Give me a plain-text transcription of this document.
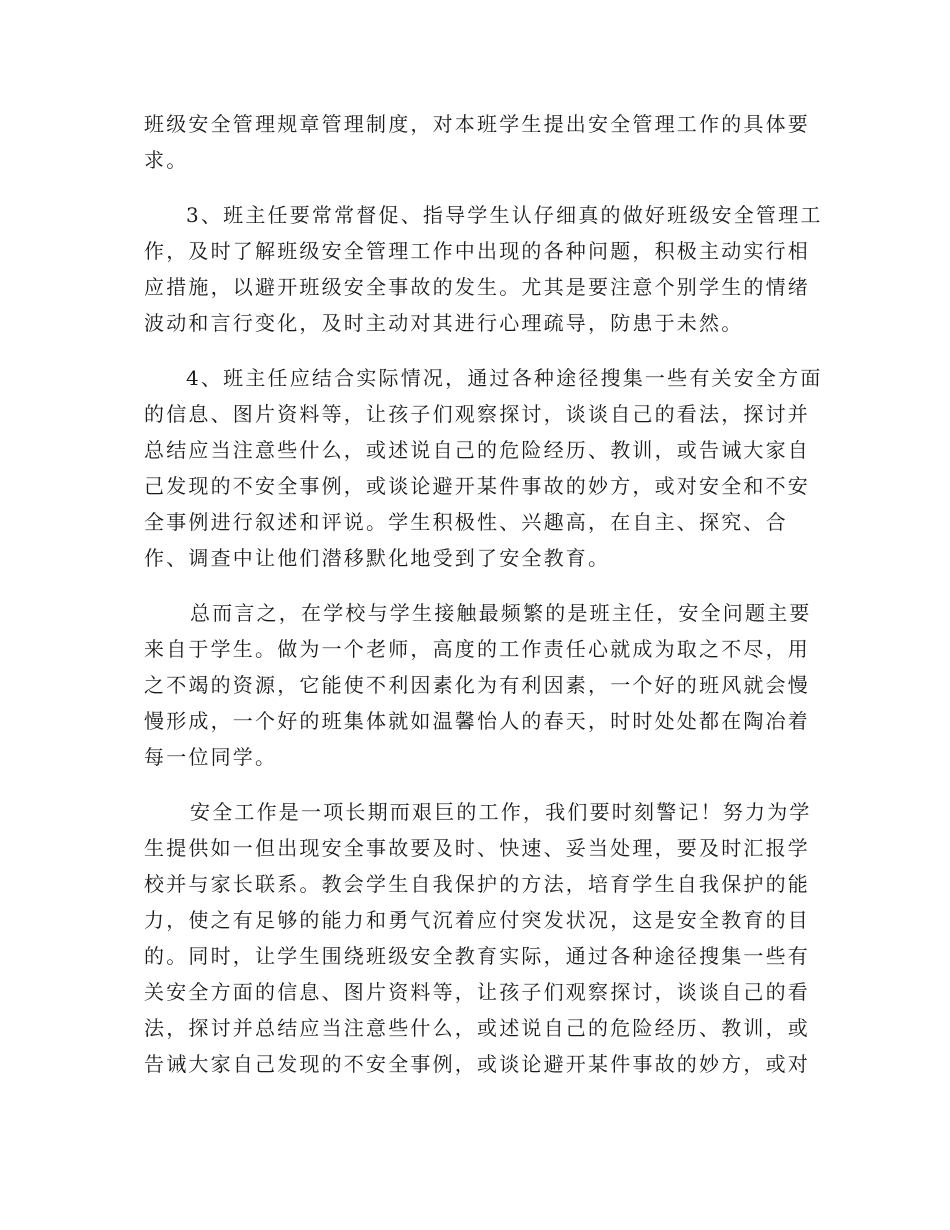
班级安全管理规章管理制度，对本班学生提出安全管理工作的具体要
求。

3、班主任要常常督促、指导学生认仔细真的做好班级安全管理工
作，及时了解班级安全管理工作中出现的各种问题，积极主动实行相
应措施，以避开班级安全事故的发生。尤其是要注意个别学生的情绪
波动和言行变化，及时主动对其进行心理疏导，防患于未然。

4、班主任应结合实际情况，通过各种途径搜集一些有关安全方面
的信息、图片资料等，让孩子们观察探讨，谈谈自己的看法，探讨并
总结应当注意些什么，或述说自己的危险经历、教训，或告诫大家自
己发现的不安全事例，或谈论避开某件事故的妙方，或对安全和不安
全事例进行叙述和评说。学生积极性、兴趣高，在自主、探究、合
作、调查中让他们潜移默化地受到了安全教育。

总而言之，在学校与学生接触最频繁的是班主任，安全问题主要
来自于学生。做为一个老师，高度的工作责任心就成为取之不尽，用
之不竭的资源，它能使不利因素化为有利因素，一个好的班风就会慢
慢形成，一个好的班集体就如温馨怡人的春天，时时处处都在陶冶着
每一位同学。

安全工作是一项长期而艰巨的工作，我们要时刻警记！努力为学
生提供如一但出现安全事故要及时、快速、妥当处理，要及时汇报学
校并与家长联系。教会学生自我保护的方法，培育学生自我保护的能
力，使之有足够的能力和勇气沉着应付突发状况，这是安全教育的目
的。同时，让学生围绕班级安全教育实际，通过各种途径搜集一些有
关安全方面的信息、图片资料等，让孩子们观察探讨，谈谈自己的看
法，探讨并总结应当注意些什么，或述说自己的危险经历、教训，或
告诫大家自己发现的不安全事例，或谈论避开某件事故的妙方，或对
